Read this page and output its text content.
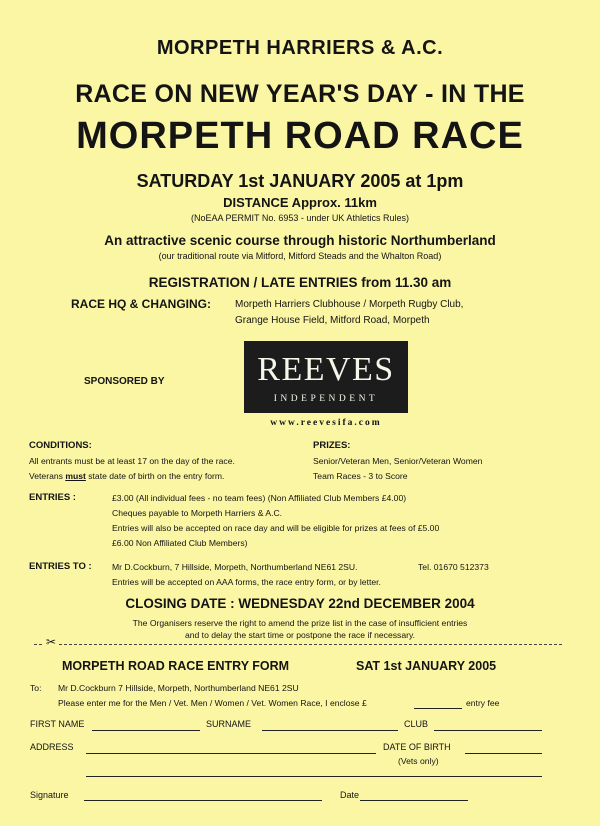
MORPETH HARRIERS & A.C.
RACE ON NEW YEAR'S DAY - IN THE
MORPETH ROAD RACE
SATURDAY 1st JANUARY 2005 at 1pm
DISTANCE Approx. 11km
(NoEAA PERMIT No. 6953 - under UK Athletics Rules)
An attractive scenic course through historic Northumberland
(our traditional route via Mitford, Mitford Steads and the Whalton Road)
REGISTRATION / LATE ENTRIES from 11.30 am
RACE HQ & CHANGING: Morpeth Harriers Clubhouse / Morpeth Rugby Club,
Grange House Field, Mitford Road, Morpeth
SPONSORED BY	REEVES
INDEPENDENT
www.reevesifa.com
CONDITIONS:
All entrants must be at least 17 on the day of the race.
Veterans must state date of birth on the entry form.
PRIZES:
Senior/Veteran Men, Senior/Veteran Women
Team Races - 3 to Score
ENTRIES :	£3.00 (All individual fees - no team fees) (Non Affiliated Club Members £4.00)
Cheques payable to Morpeth Harriers & A.C.
Entries will also be accepted on race day and will be eligible for prizes at fees of £5.00
£6.00 Non Affiliated Club Members)
ENTRIES TO : Mr D.Cockburn, 7 Hillside, Morpeth, Northumberland NE61 2SU.	Tel. 01670 512373
Entries will be accepted on AAA forms, the race entry form, or by letter.
CLOSING DATE : WEDNESDAY 22nd DECEMBER 2004
The Organisers reserve the right to amend the prize list in the case of insufficient entries
and to delay the start time or postpone the race if necessary.
✂
MORPETH ROAD RACE ENTRY FORM	SAT 1st JANUARY 2005
To: Mr D.Cockburn 7 Hillside, Morpeth, Northumberland NE61 2SU
Please enter me for the Men / Vet. Men / Women / Vet. Women Race, I enclose £	entry fee
FIRST NAME	SURNAME	CLUB
ADDRESS	DATE OF BIRTH
(Vets only)
Signature	Date
